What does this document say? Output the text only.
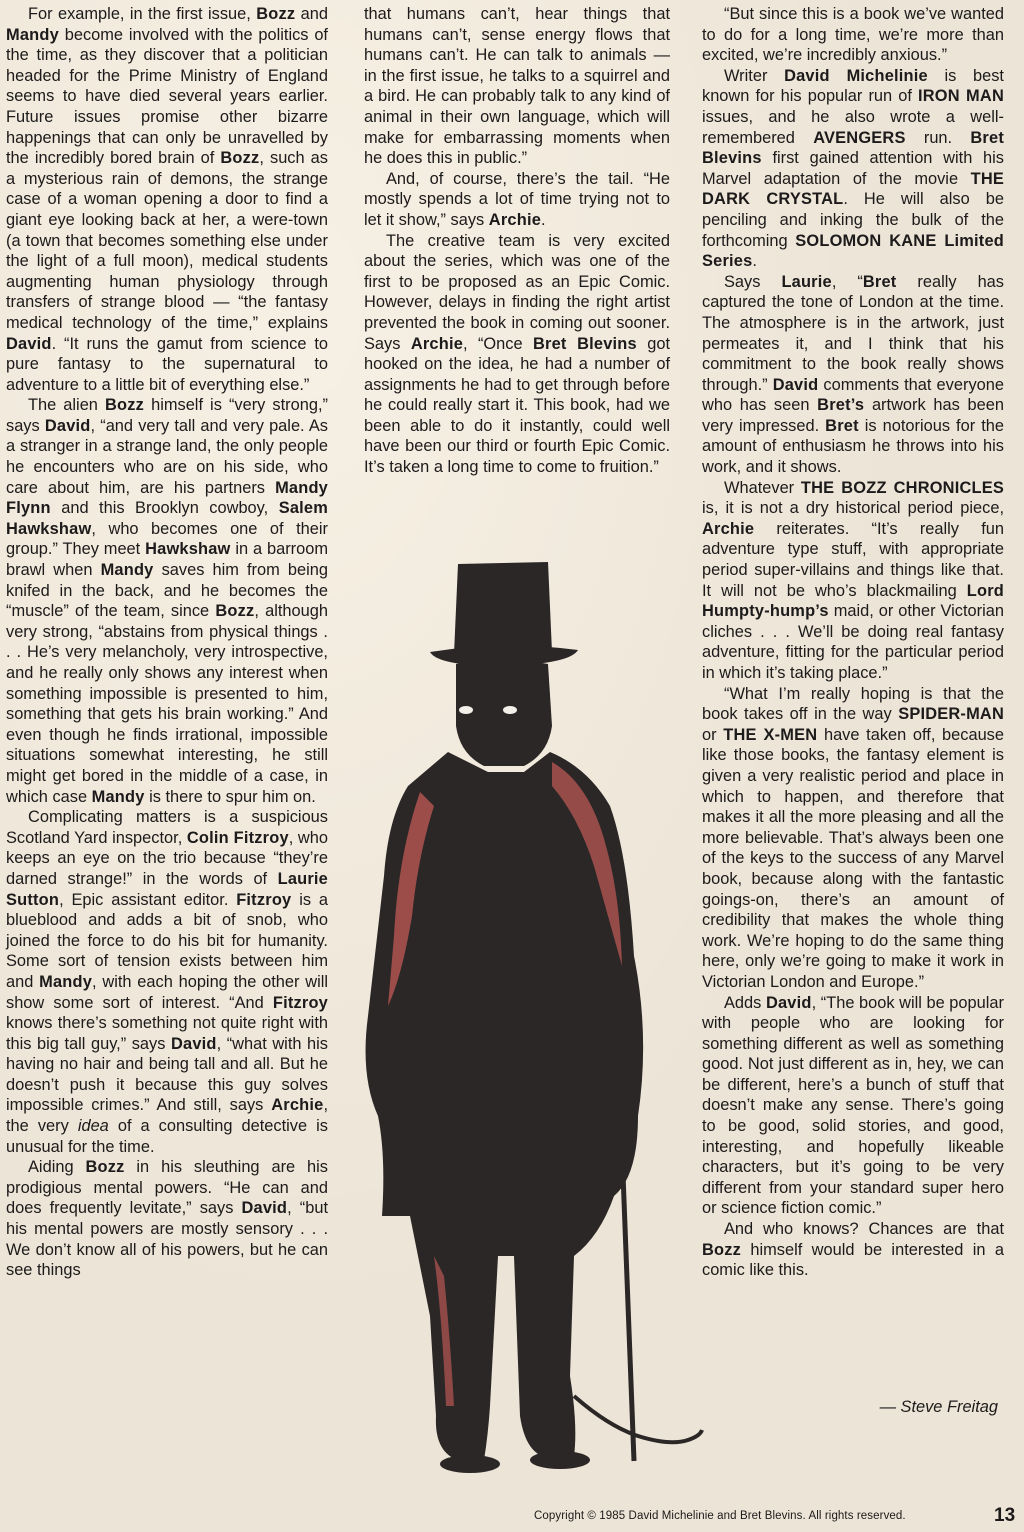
For example, in the first issue, Bozz and Mandy become involved with the politics of the time, as they discover that a politician headed for the Prime Ministry of England seems to have died several years earlier. Future issues promise other bizarre happenings that can only be unravelled by the incredibly bored brain of Bozz, such as a mysterious rain of demons, the strange case of a woman opening a door to find a giant eye looking back at her, a were-town (a town that becomes something else under the light of a full moon), medical students augmenting human physiology through transfers of strange blood — “the fantasy medical technology of the time,” explains David. “It runs the gamut from science to pure fantasy to the supernatural to adventure to a little bit of everything else.”

The alien Bozz himself is “very strong,” says David, “and very tall and very pale. As a stranger in a strange land, the only people he encounters who are on his side, who care about him, are his partners Mandy Flynn and this Brooklyn cowboy, Salem Hawkshaw, who becomes one of their group.” They meet Hawkshaw in a barroom brawl when Mandy saves him from being knifed in the back, and he becomes the “muscle” of the team, since Bozz, although very strong, “abstains from physical things . . . He’s very melancholy, very introspective, and he really only shows any interest when something impossible is presented to him, something that gets his brain working.” And even though he finds irrational, impossible situations somewhat interesting, he still might get bored in the middle of a case, in which case Mandy is there to spur him on.

Complicating matters is a suspicious Scotland Yard inspector, Colin Fitzroy, who keeps an eye on the trio because “they’re darned strange!” in the words of Laurie Sutton, Epic assistant editor. Fitzroy is a blueblood and adds a bit of snob, who joined the force to do his bit for humanity. Some sort of tension exists between him and Mandy, with each hoping the other will show some sort of interest. “And Fitzroy knows there’s something not quite right with this big tall guy,” says David, “what with his having no hair and being tall and all. But he doesn’t push it because this guy solves impossible crimes.” And still, says Archie, the very idea of a consulting detective is unusual for the time.

Aiding Bozz in his sleuthing are his prodigious mental powers. “He can and does frequently levitate,” says David, “but his mental powers are mostly sensory . . . We don’t know all of his powers, but he can see things

that humans can’t, hear things that humans can’t, sense energy flows that humans can’t. He can talk to animals — in the first issue, he talks to a squirrel and a bird. He can probably talk to any kind of animal in their own language, which will make for embarrassing moments when he does this in public.”

And, of course, there’s the tail. “He mostly spends a lot of time trying not to let it show,” says Archie.

The creative team is very excited about the series, which was one of the first to be proposed as an Epic Comic. However, delays in finding the right artist prevented the book in coming out sooner. Says Archie, “Once Bret Blevins got hooked on the idea, he had a number of assignments he had to get through before he could really start it. This book, had we been able to do it instantly, could well have been our third or fourth Epic Comic. It’s taken a long time to come to fruition.”

“But since this is a book we’ve wanted to do for a long time, we’re more than excited, we’re incredibly anxious.”

Writer David Michelinie is best known for his popular run of IRON MAN issues, and he also wrote a well-remembered AVENGERS run. Bret Blevins first gained attention with his Marvel adaptation of the movie THE DARK CRYSTAL. He will also be penciling and inking the bulk of the forthcoming SOLOMON KANE Limited Series.

Says Laurie, “Bret really has captured the tone of London at the time. The atmosphere is in the artwork, just permeates it, and I think that his commitment to the book really shows through.” David comments that everyone who has seen Bret’s artwork has been very impressed. Bret is notorious for the amount of enthusiasm he throws into his work, and it shows.

Whatever THE BOZZ CHRONICLES is, it is not a dry historical period piece, Archie reiterates. “It’s really fun adventure type stuff, with appropriate period super-villains and things like that. It will not be who’s blackmailing Lord Humpty-hump’s maid, or other Victorian cliches . . . We’ll be doing real fantasy adventure, fitting for the particular period in which it’s taking place.”

“What I’m really hoping is that the book takes off in the way SPIDER-MAN or THE X-MEN have taken off, because like those books, the fantasy element is given a very realistic period and place in which to happen, and therefore that makes it all the more pleasing and all the more believable. That’s always been one of the keys to the success of any Marvel book, because along with the fantastic goings-on, there’s an amount of credibility that makes the whole thing work. We’re hoping to do the same thing here, only we’re going to make it work in Victorian London and Europe.”

Adds David, “The book will be popular with people who are looking for something different as well as something good. Not just different as in, hey, we can be different, here’s a bunch of stuff that doesn’t make any sense. There’s going to be good, solid stories, and good, interesting, and hopefully likeable characters, but it’s going to be very different from your standard super hero or science fiction comic.”

And who knows? Chances are that Bozz himself would be interested in a comic like this.

— Steve Freitag
Copyright © 1985 David Michelinie and Bret Blevins. All rights reserved.	13
